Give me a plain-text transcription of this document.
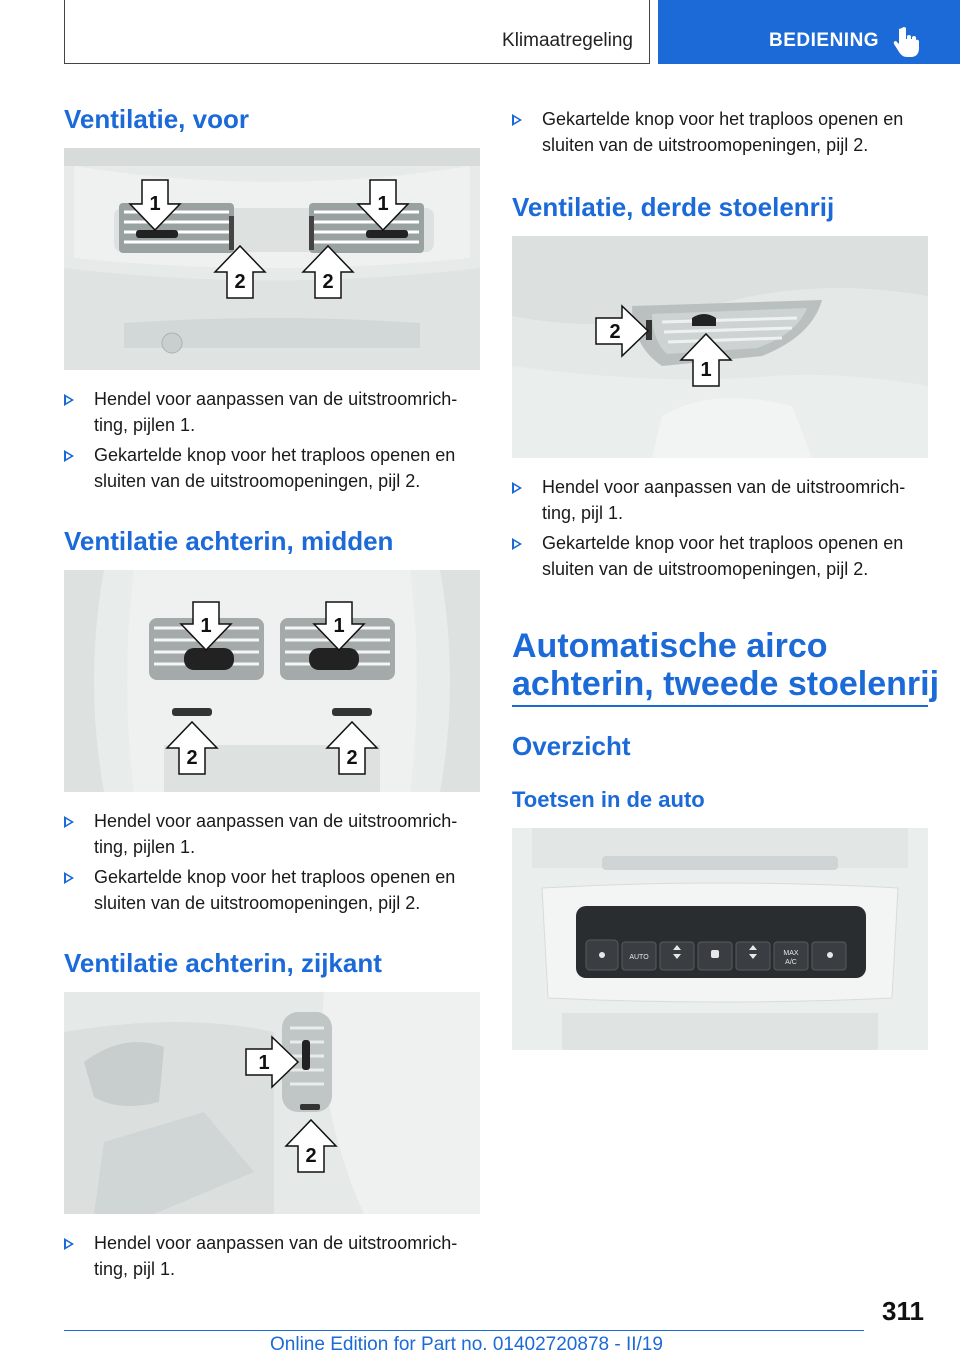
Klimaatregeling	BEDIENING
Ventilatie, voor
1	1
2	2
Hendel voor aanpassen van de uitstroomrich-ting, pijlen 1.
Gekartelde knop voor het traploos openen en sluiten van de uitstroomopeningen, pijl 2.
Ventilatie achterin, midden
1	1
2	2
Hendel voor aanpassen van de uitstroomrich-ting, pijlen 1.
Gekartelde knop voor het traploos openen en sluiten van de uitstroomopeningen, pijl 2.
Ventilatie achterin, zijkant
1
2
Hendel voor aanpassen van de uitstroomrich-ting, pijl 1.
Gekartelde knop voor het traploos openen en sluiten van de uitstroomopeningen, pijl 2.
Ventilatie, derde stoelenrij
2
1
Hendel voor aanpassen van de uitstroomrich-ting, pijl 1.
Gekartelde knop voor het traploos openen en sluiten van de uitstroomopeningen, pijl 2.
Automatische airco
achterin, tweede stoelenrij
Overzicht
Toetsen in de auto
AUTO
MAX
A/C
311
Online Edition for Part no. 01402720878 - II/19
